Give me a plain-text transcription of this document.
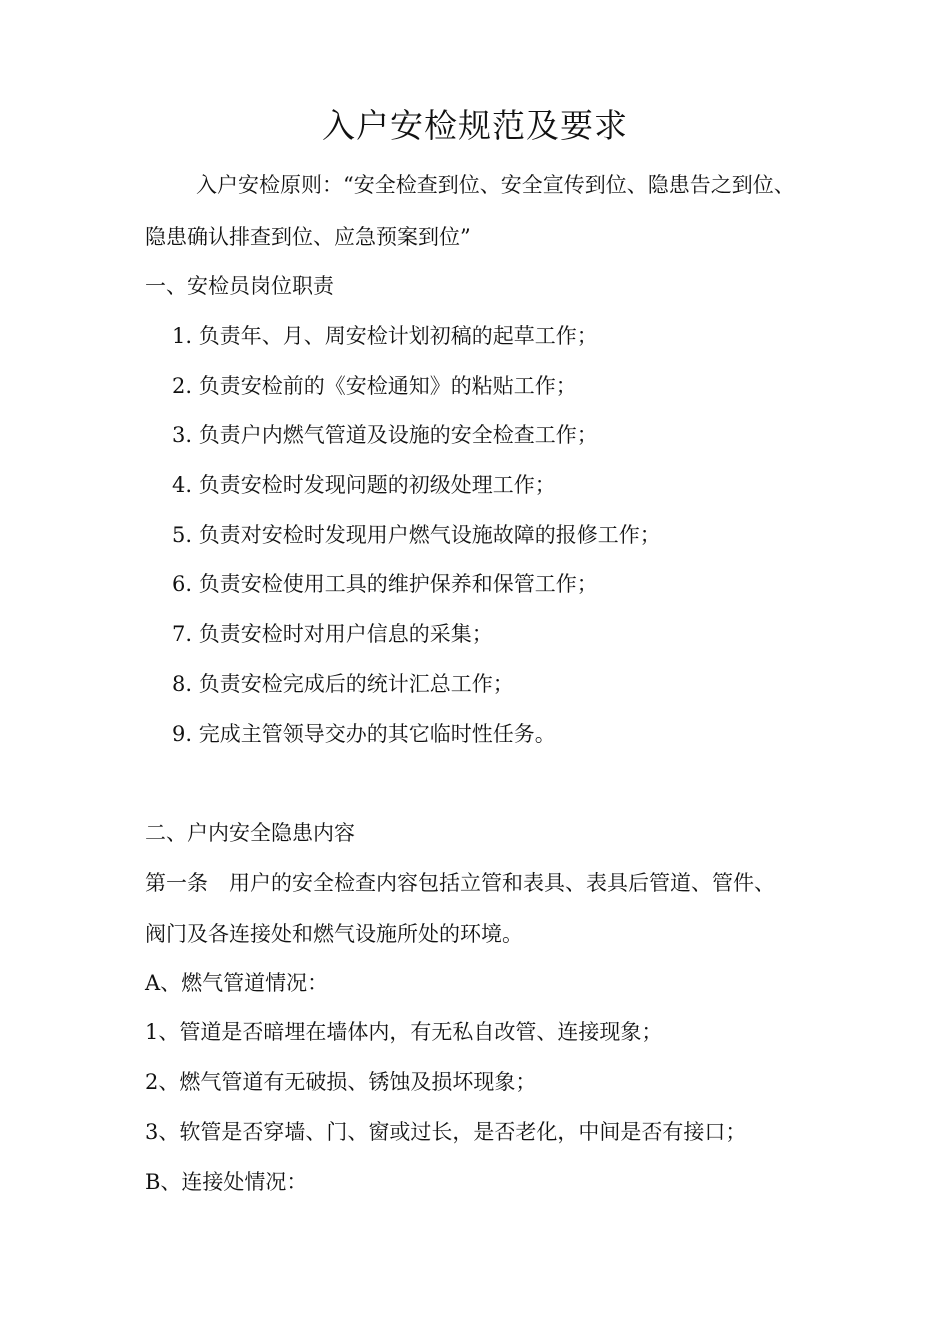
入户安检规范及要求
入户安检原则：“安全检查到位、安全宣传到位、隐患告之到位、
隐患确认排查到位、应急预案到位”
一、安检员岗位职责
1. 负责年、月、周安检计划初稿的起草工作；
2. 负责安检前的《安检通知》的粘贴工作；
3. 负责户内燃气管道及设施的安全检查工作；
4. 负责安检时发现问题的初级处理工作；
5. 负责对安检时发现用户燃气设施故障的报修工作；
6. 负责安检使用工具的维护保养和保管工作；
7. 负责安检时对用户信息的采集；
8. 负责安检完成后的统计汇总工作；
9. 完成主管领导交办的其它临时性任务。
二、户内安全隐患内容
第一条　用户的安全检查内容包括立管和表具、表具后管道、管件、
阀门及各连接处和燃气设施所处的环境。
A、燃气管道情况：
1、管道是否暗埋在墙体内，有无私自改管、连接现象；
2、燃气管道有无破损、锈蚀及损坏现象；
3、软管是否穿墙、门、窗或过长，是否老化，中间是否有接口；
B、连接处情况：
